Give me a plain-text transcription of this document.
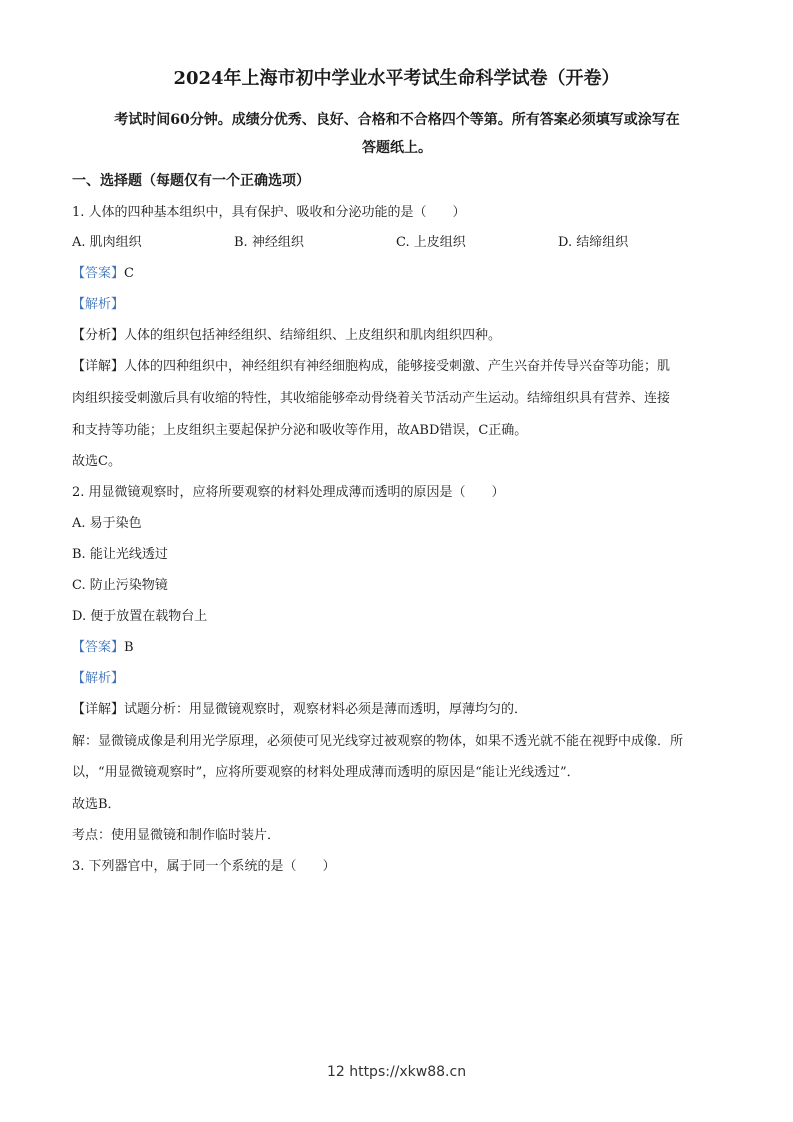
2024年上海市初中学业水平考试生命科学试卷（开卷）
考试时间60分钟。成绩分优秀、良好、合格和不合格四个等第。所有答案必须填写或涂写在
答题纸上。
一、选择题（每题仅有一个正确选项）
1. 人体的四种基本组织中，具有保护、吸收和分泌功能的是（　　）
A. 肌肉组织	B. 神经组织	C. 上皮组织	D. 结缔组织
【答案】C
【解析】
【分析】人体的组织包括神经组织、结缔组织、上皮组织和肌肉组织四种。
【详解】人体的四种组织中，神经组织有神经细胞构成，能够接受刺激、产生兴奋并传导兴奋等功能；肌
肉组织接受刺激后具有收缩的特性，其收缩能够牵动骨绕着关节活动产生运动。结缔组织具有营养、连接
和支持等功能；上皮组织主要起保护分泌和吸收等作用，故ABD错误，C正确。
故选C。
2. 用显微镜观察时，应将所要观察的材料处理成薄而透明的原因是（　　）
A. 易于染色
B. 能让光线透过
C. 防止污染物镜
D. 便于放置在载物台上
【答案】B
【解析】
【详解】试题分析：用显微镜观察时，观察材料必须是薄而透明，厚薄均匀的．
解：显微镜成像是利用光学原理，必须使可见光线穿过被观察的物体，如果不透光就不能在视野中成像．所
以，“用显微镜观察时”，应将所要观察的材料处理成薄而透明的原因是“能让光线透过”．
故选B．
考点：使用显微镜和制作临时装片．
3. 下列器官中，属于同一个系统的是（　　）
12 https://xkw88.cn
